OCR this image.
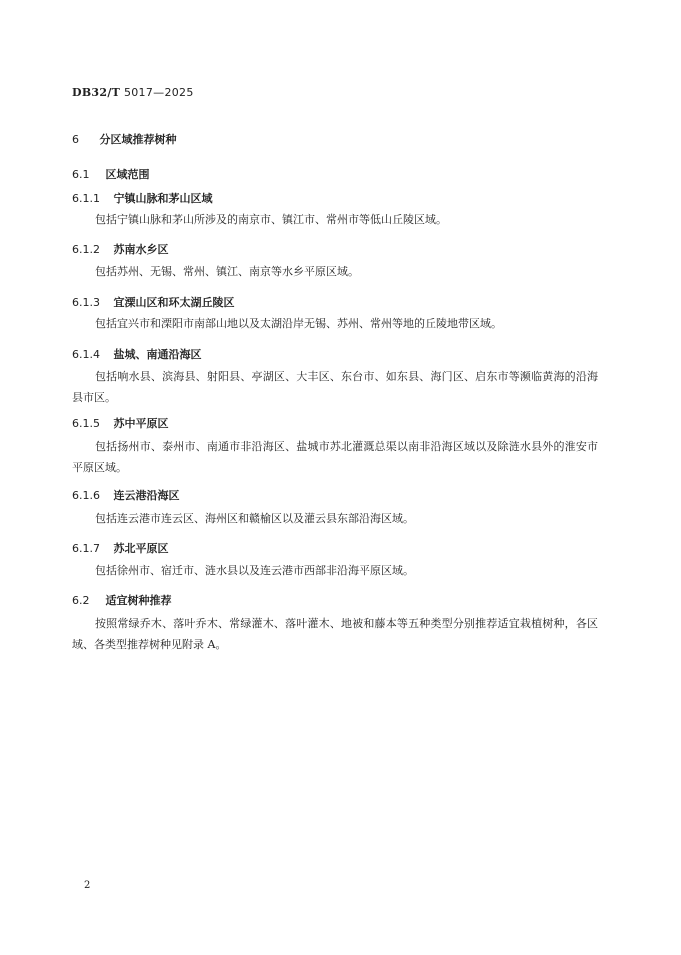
DB32/T 5017—2025
6 分区域推荐树种
6.1 区域范围
6.1.1 宁镇山脉和茅山区域
包括宁镇山脉和茅山所涉及的南京市、镇江市、常州市等低山丘陵区域。
6.1.2 苏南水乡区
包括苏州、无锡、常州、镇江、南京等水乡平原区域。
6.1.3 宜溧山区和环太湖丘陵区
包括宜兴市和溧阳市南部山地以及太湖沿岸无锡、苏州、常州等地的丘陵地带区域。
6.1.4 盐城、南通沿海区
包括响水县、滨海县、射阳县、亭湖区、大丰区、东台市、如东县、海门区、启东市等濒临黄海的沿海县市区。
6.1.5 苏中平原区
包括扬州市、泰州市、南通市非沿海区、盐城市苏北灌溉总渠以南非沿海区域以及除涟水县外的淮安市平原区域。
6.1.6 连云港沿海区
包括连云港市连云区、海州区和赣榆区以及灌云县东部沿海区域。
6.1.7 苏北平原区
包括徐州市、宿迁市、涟水县以及连云港市西部非沿海平原区域。
6.2 适宜树种推荐
按照常绿乔木、落叶乔木、常绿灌木、落叶灌木、地被和藤本等五种类型分别推荐适宜栽植树种，各区域、各类型推荐树种见附录 A。
2
